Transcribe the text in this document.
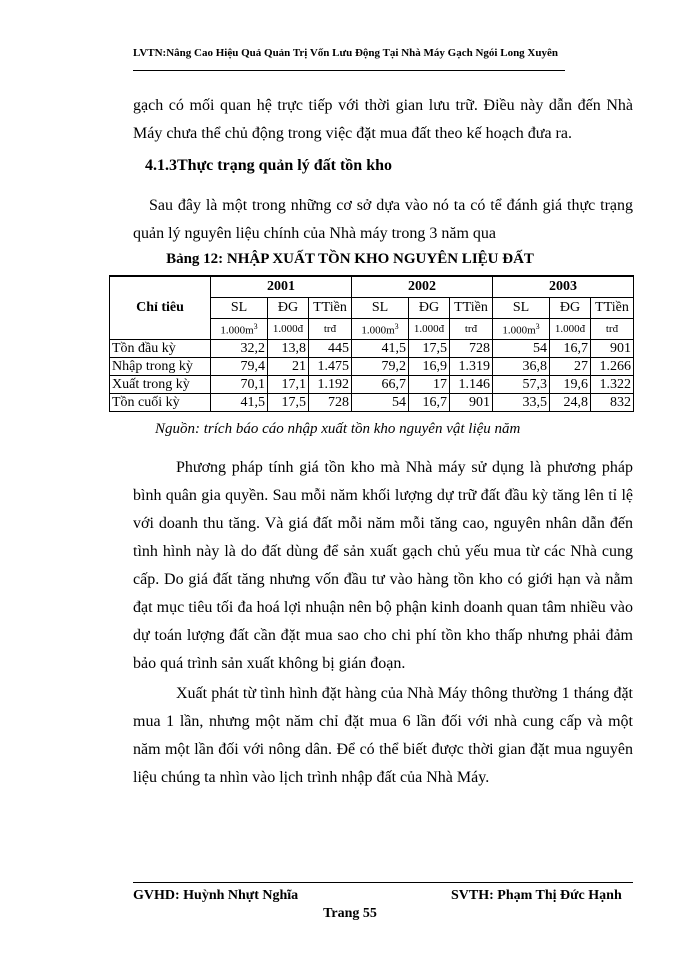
LVTN:Nâng Cao Hiệu Quả Quản Trị Vốn Lưu Động Tại Nhà Máy Gạch Ngói Long Xuyên
gạch có mối quan hệ trực tiếp với thời gian lưu trữ. Điều này dẫn đến Nhà Máy chưa thể chủ động trong việc đặt mua đất theo kế hoạch đưa ra.
4.1.3Thực trạng quản lý đất tồn kho
Sau đây là một trong những cơ sở dựa vào nó ta có tể đánh giá thực trạng quản lý nguyên liệu chính của Nhà máy trong 3 năm qua
Bảng 12: NHẬP XUẤT TỒN KHO NGUYÊN LIỆU ĐẤT
Chỉ tiêu	2001			2002			2003		
	SL	ĐG	TTiền	SL	ĐG	TTiền	SL	ĐG	TTiền
	$1.000m^3$	1.000đ	trđ	$1.000m^3$	1.000đ	trđ	$1.000m^3$	1.000đ	trđ
Tồn đầu kỳ	32,2	13,8	445	41,5	17,5	728	54	16,7	901
Nhập trong kỳ	79,4	21	1.475	79,2	16,9	1.319	36,8	27	1.266
Xuất trong kỳ	70,1	17,1	1.192	66,7	17	1.146	57,3	19,6	1.322
Tồn cuối kỳ	41,5	17,5	728	54	16,7	901	33,5	24,8	832
Nguồn: trích báo cáo nhập xuất tồn kho nguyên vật liệu năm
Phương pháp tính giá tồn kho mà Nhà máy sử dụng là phương pháp bình quân gia quyền. Sau mỗi năm khối lượng dự trữ đất đầu kỳ tăng lên tỉ lệ với doanh thu tăng. Và giá đất mỗi năm mỗi tăng cao, nguyên nhân dẫn đến tình hình này là do đất dùng để sản xuất gạch chủ yếu mua từ các Nhà cung cấp. Do giá đất tăng nhưng vốn đầu tư vào hàng tồn kho có giới hạn và nằm đạt mục tiêu tối đa hoá lợi nhuận nên bộ phận kinh doanh quan tâm nhiều vào dự toán lượng đất cần đặt mua sao cho chi phí tồn kho thấp nhưng phải đảm bảo quá trình sản xuất không bị gián đoạn.
Xuất phát từ tình hình đặt hàng của Nhà Máy thông thường 1 tháng đặt mua 1 lần, nhưng một năm chỉ đặt mua 6 lần đối với nhà cung cấp và một năm một lần đối với nông dân. Để có thể biết được thời gian đặt mua nguyên liệu chúng ta nhìn vào lịch trình nhập đất của Nhà Máy.
GVHD: Huỳnh Nhựt Nghĩa	SVTH: Phạm Thị Đức Hạnh
Trang 55
